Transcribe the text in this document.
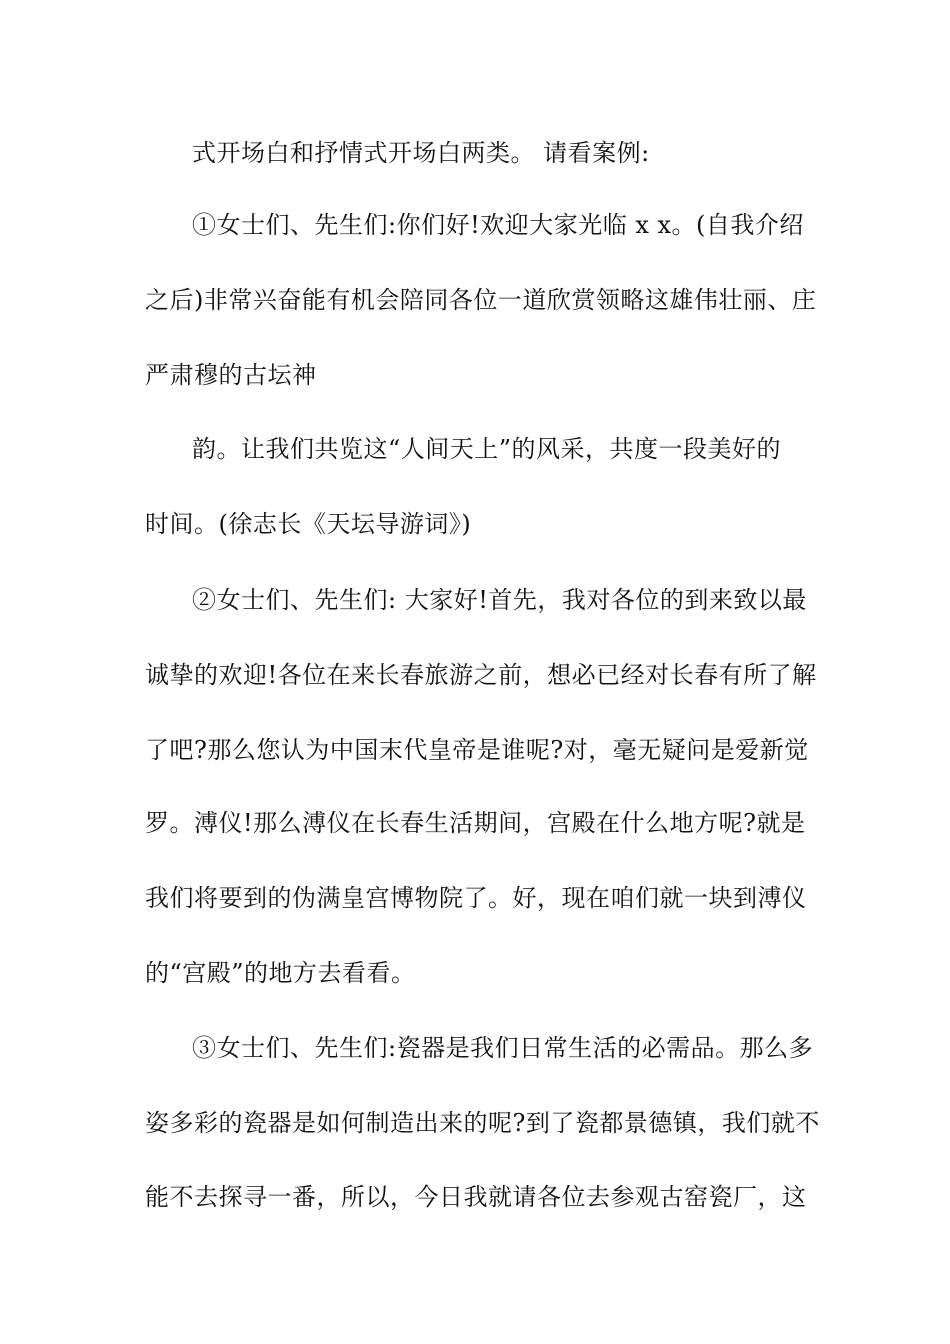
式开场白和抒情式开场白两类。 请看案例:
①女士们、先生们:你们好!欢迎大家光临 x x。(自我介绍
之后)非常兴奋能有机会陪同各位一道欣赏领略这雄伟壮丽、庄
严肃穆的古坛神
韵。让我们共览这“人间天上”的风采，共度一段美好的
时间。(徐志长《天坛导游词》)
②女士们、先生们: 大家好!首先，我对各位的到来致以最
诚挚的欢迎!各位在来长春旅游之前，想必已经对长春有所了解
了吧?那么您认为中国末代皇帝是谁呢?对，毫无疑问是爱新觉
罗。溥仪!那么溥仪在长春生活期间，宫殿在什么地方呢?就是
我们将要到的伪满皇宫博物院了。好，现在咱们就一块到溥仪
的“宫殿”的地方去看看。
③女士们、先生们:瓷器是我们日常生活的必需品。那么多
姿多彩的瓷器是如何制造出来的呢?到了瓷都景德镇，我们就不
能不去探寻一番，所以，今日我就请各位去参观古窑瓷厂，这
